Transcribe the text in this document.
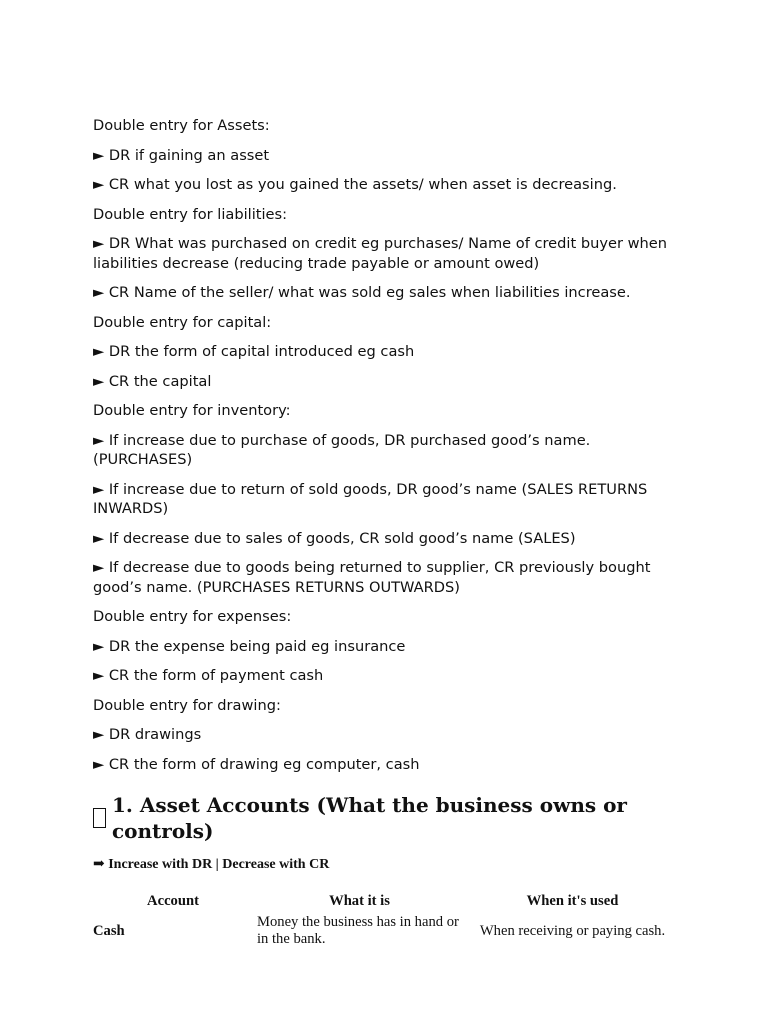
Double entry for Assets:

► DR if gaining an asset

► CR what you lost as you gained the assets/ when asset is decreasing.

Double entry for liabilities:

► DR What was purchased on credit eg purchases/ Name of credit buyer when liabilities decrease (reducing trade payable or amount owed)

► CR Name of the seller/ what was sold eg sales when liabilities increase.

Double entry for capital:

► DR the form of capital introduced eg cash

► CR the capital

Double entry for inventory:

► If increase due to purchase of goods, DR purchased good’s name. (PURCHASES)

► If increase due to return of sold goods, DR good’s name (SALES RETURNS INWARDS)

► If decrease due to sales of goods, CR sold good’s name (SALES)

► If decrease due to goods being returned to supplier, CR previously bought good’s name. (PURCHASES RETURNS OUTWARDS)

Double entry for expenses:

► DR the expense being paid eg insurance

► CR the form of payment cash

Double entry for drawing:

► DR drawings

► CR the form of drawing eg computer, cash

1. Asset Accounts (What the business owns or controls)
➡ Increase with DR | Decrease with CR
Account	What it is	When it's used
Cash	Money the business has in hand or in the bank.	When receiving or paying cash.
